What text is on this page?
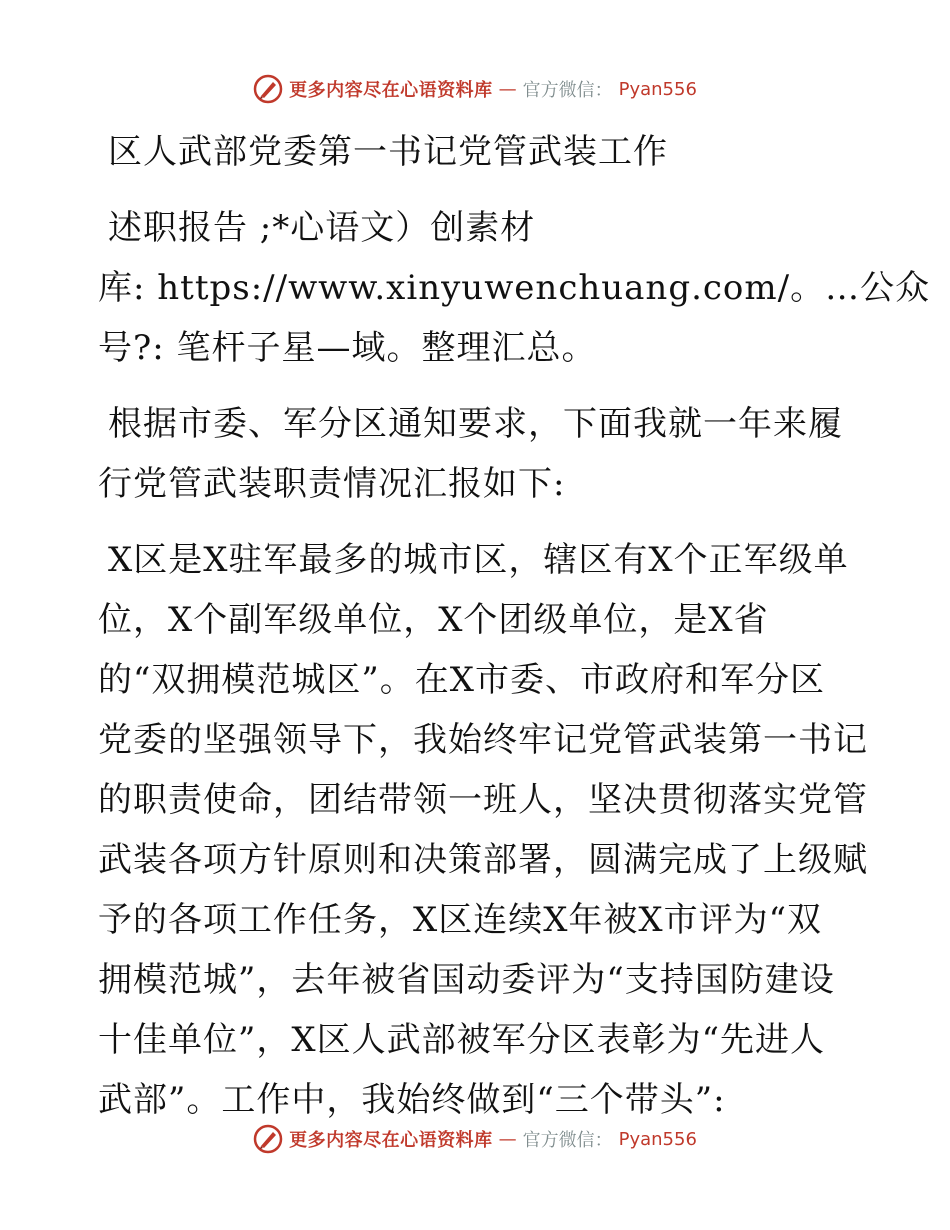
更多内容尽在心语资料库 — 官方微信： Pyan556
区人武部党委第一书记党管武装工作
述职报告 ;*心语文）创素材
库: https://www.xinyuwenchuang.com/。…公众
号?: 笔杆子星—域。整理汇总。
根据市委、军分区通知要求，下面我就一年来履
行党管武装职责情况汇报如下:
X区是X驻军最多的城市区，辖区有X个正军级单
位，X个副军级单位，X个团级单位，是X省
的“双拥模范城区”。在X市委、市政府和军分区
党委的坚强领导下，我始终牢记党管武装第一书记
的职责使命，团结带领一班人，坚决贯彻落实党管
武装各项方针原则和决策部署，圆满完成了上级赋
予的各项工作任务，X区连续X年被X市评为“双
拥模范城”，去年被省国动委评为“支持国防建设
十佳单位”，X区人武部被军分区表彰为“先进人
武部”。工作中，我始终做到“三个带头”:
更多内容尽在心语资料库 — 官方微信： Pyan556
